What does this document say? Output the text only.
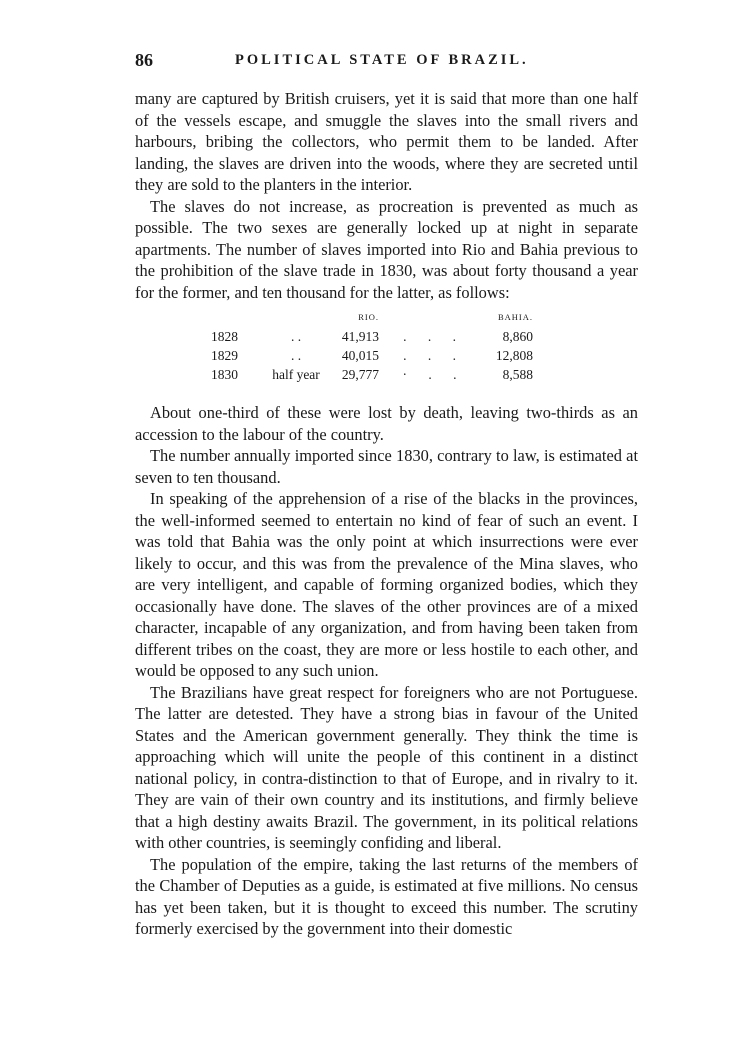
86	POLITICAL STATE OF BRAZIL.

many are captured by British cruisers, yet it is said that more than one half of the vessels escape, and smuggle the slaves into the small rivers and harbours, bribing the collectors, who permit them to be landed. After landing, the slaves are driven into the woods, where they are secreted until they are sold to the planters in the interior.

The slaves do not increase, as procreation is prevented as much as possible. The two sexes are generally locked up at night in separate apartments. The number of slaves imported into Rio and Bahia previous to the prohibition of the slave trade in 1830, was about forty thousand a year for the former, and ten thousand for the latter, as follows:

		RIO.		BAHIA.
1828	. .	41,913	. . .	8,860
1829	. .	40,015	. . .	12,808
1830	half year	29,777	· . .	8,588

About one-third of these were lost by death, leaving two-thirds as an accession to the labour of the country.

The number annually imported since 1830, contrary to law, is estimated at seven to ten thousand.

In speaking of the apprehension of a rise of the blacks in the provinces, the well-informed seemed to entertain no kind of fear of such an event. I was told that Bahia was the only point at which insurrections were ever likely to occur, and this was from the prevalence of the Mina slaves, who are very intelligent, and capable of forming organized bodies, which they occasionally have done. The slaves of the other provinces are of a mixed character, incapable of any organization, and from having been taken from different tribes on the coast, they are more or less hostile to each other, and would be opposed to any such union.

The Brazilians have great respect for foreigners who are not Portuguese. The latter are detested. They have a strong bias in favour of the United States and the American government generally. They think the time is approaching which will unite the people of this continent in a distinct national policy, in contra-distinction to that of Europe, and in rivalry to it. They are vain of their own country and its institutions, and firmly believe that a high destiny awaits Brazil. The government, in its political relations with other countries, is seemingly confiding and liberal.

The population of the empire, taking the last returns of the members of the Chamber of Deputies as a guide, is estimated at five millions. No census has yet been taken, but it is thought to exceed this number. The scrutiny formerly exercised by the government into their domestic
